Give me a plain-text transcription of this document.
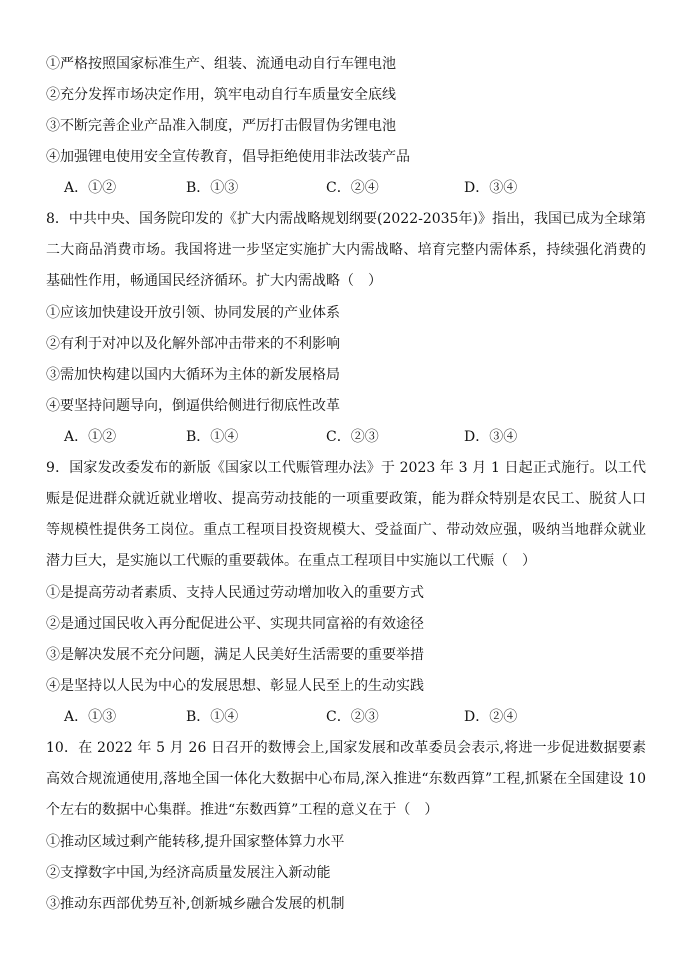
①严格按照国家标准生产、组装、流通电动自行车锂电池
②充分发挥市场决定作用，筑牢电动自行车质量安全底线
③不断完善企业产品准入制度，严厉打击假冒伪劣锂电池
④加强锂电使用安全宣传教育，倡导拒绝使用非法改装产品
A．①②	B．①③	C．②④	D．③④
8．中共中央、国务院印发的《扩大内需战略规划纲要(2022-2035年)》指出，我国已成为全球第二大商品消费市场。我国将进一步坚定实施扩大内需战略、培育完整内需体系，持续强化消费的基础性作用，畅通国民经济循环。扩大内需战略（　）
①应该加快建设开放引领、协同发展的产业体系
②有利于对冲以及化解外部冲击带来的不利影响
③需加快构建以国内大循环为主体的新发展格局
④要坚持问题导向，倒逼供给侧进行彻底性改革
A．①②	B．①④	C．②③	D．③④
9．国家发改委发布的新版《国家以工代赈管理办法》于 2023 年 3 月 1 日起正式施行。以工代赈是促进群众就近就业增收、提高劳动技能的一项重要政策，能为群众特别是农民工、脱贫人口等规模性提供务工岗位。重点工程项目投资规模大、受益面广、带动效应强，吸纳当地群众就业潜力巨大，是实施以工代赈的重要载体。在重点工程项目中实施以工代赈（　）
①是提高劳动者素质、支持人民通过劳动增加收入的重要方式
②是通过国民收入再分配促进公平、实现共同富裕的有效途径
③是解决发展不充分问题，满足人民美好生活需要的重要举措
④是坚持以人民为中心的发展思想、彰显人民至上的生动实践
A．①③	B．①④	C．②③	D．②④
10．在 2022 年 5 月 26 日召开的数博会上,国家发展和改革委员会表示,将进一步促进数据要素高效合规流通使用,落地全国一体化大数据中心布局,深入推进“东数西算”工程,抓紧在全国建设 10 个左右的数据中心集群。推进“东数西算”工程的意义在于（　）
①推动区域过剩产能转移,提升国家整体算力水平
②支撑数字中国,为经济高质量发展注入新动能
③推动东西部优势互补,创新城乡融合发展的机制
